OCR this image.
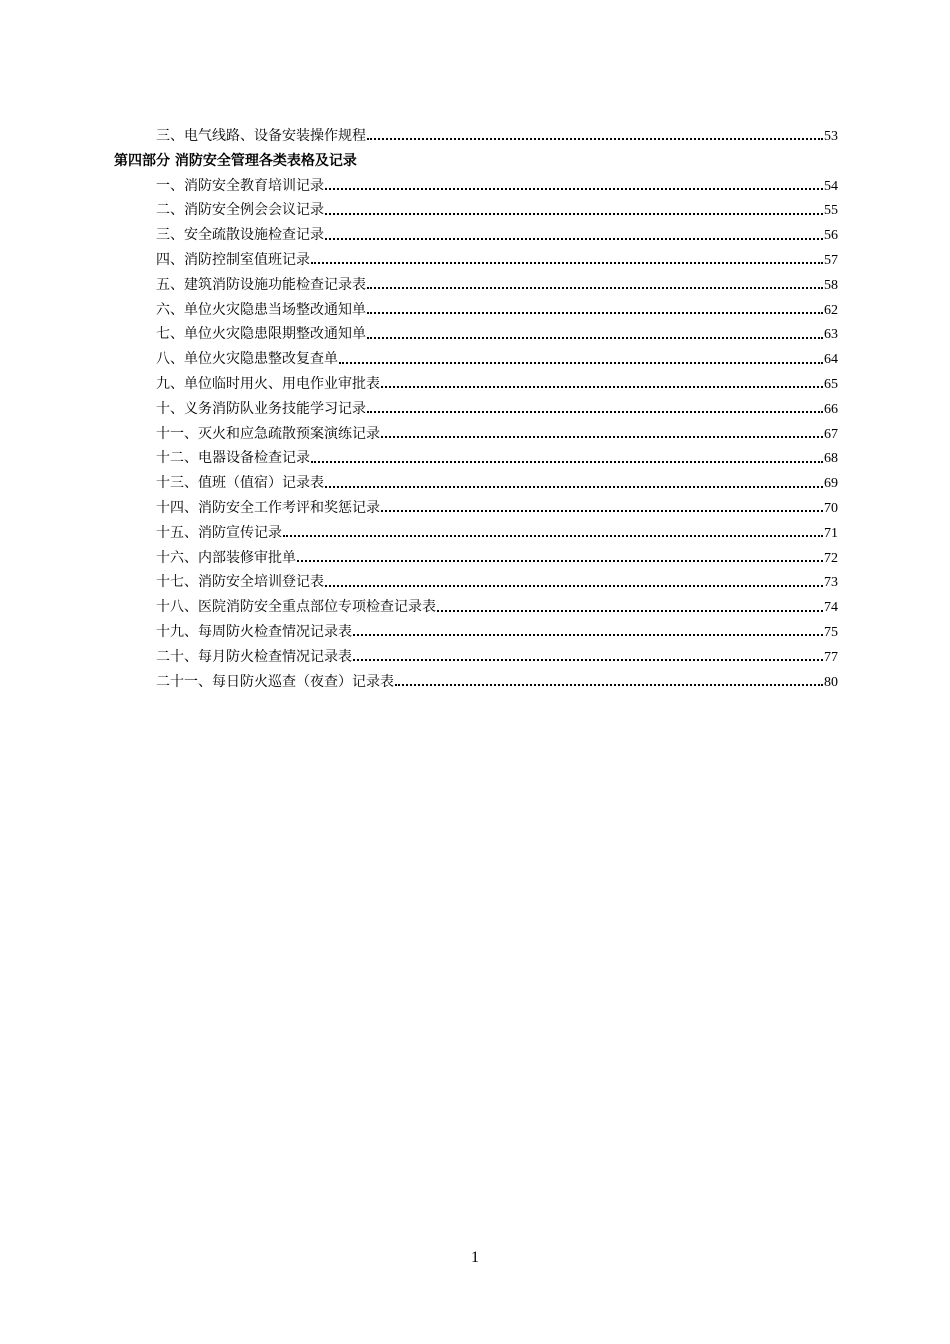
三、电气线路、设备安装操作规程	53
第四部分 消防安全管理各类表格及记录
一、消防安全教育培训记录	54
二、消防安全例会会议记录	55
三、安全疏散设施检查记录	56
四、消防控制室值班记录	57
五、建筑消防设施功能检查记录表	58
六、单位火灾隐患当场整改通知单	62
七、单位火灾隐患限期整改通知单	63
八、单位火灾隐患整改复查单	64
九、单位临时用火、用电作业审批表	65
十、义务消防队业务技能学习记录	66
十一、灭火和应急疏散预案演练记录	67
十二、电器设备检查记录	68
十三、值班（值宿）记录表	69
十四、消防安全工作考评和奖惩记录	70
十五、消防宣传记录	71
十六、内部装修审批单	72
十七、消防安全培训登记表	73
十八、医院消防安全重点部位专项检查记录表	74
十九、每周防火检查情况记录表	75
二十、每月防火检查情况记录表	77
二十一、每日防火巡查（夜查）记录表	80
1
